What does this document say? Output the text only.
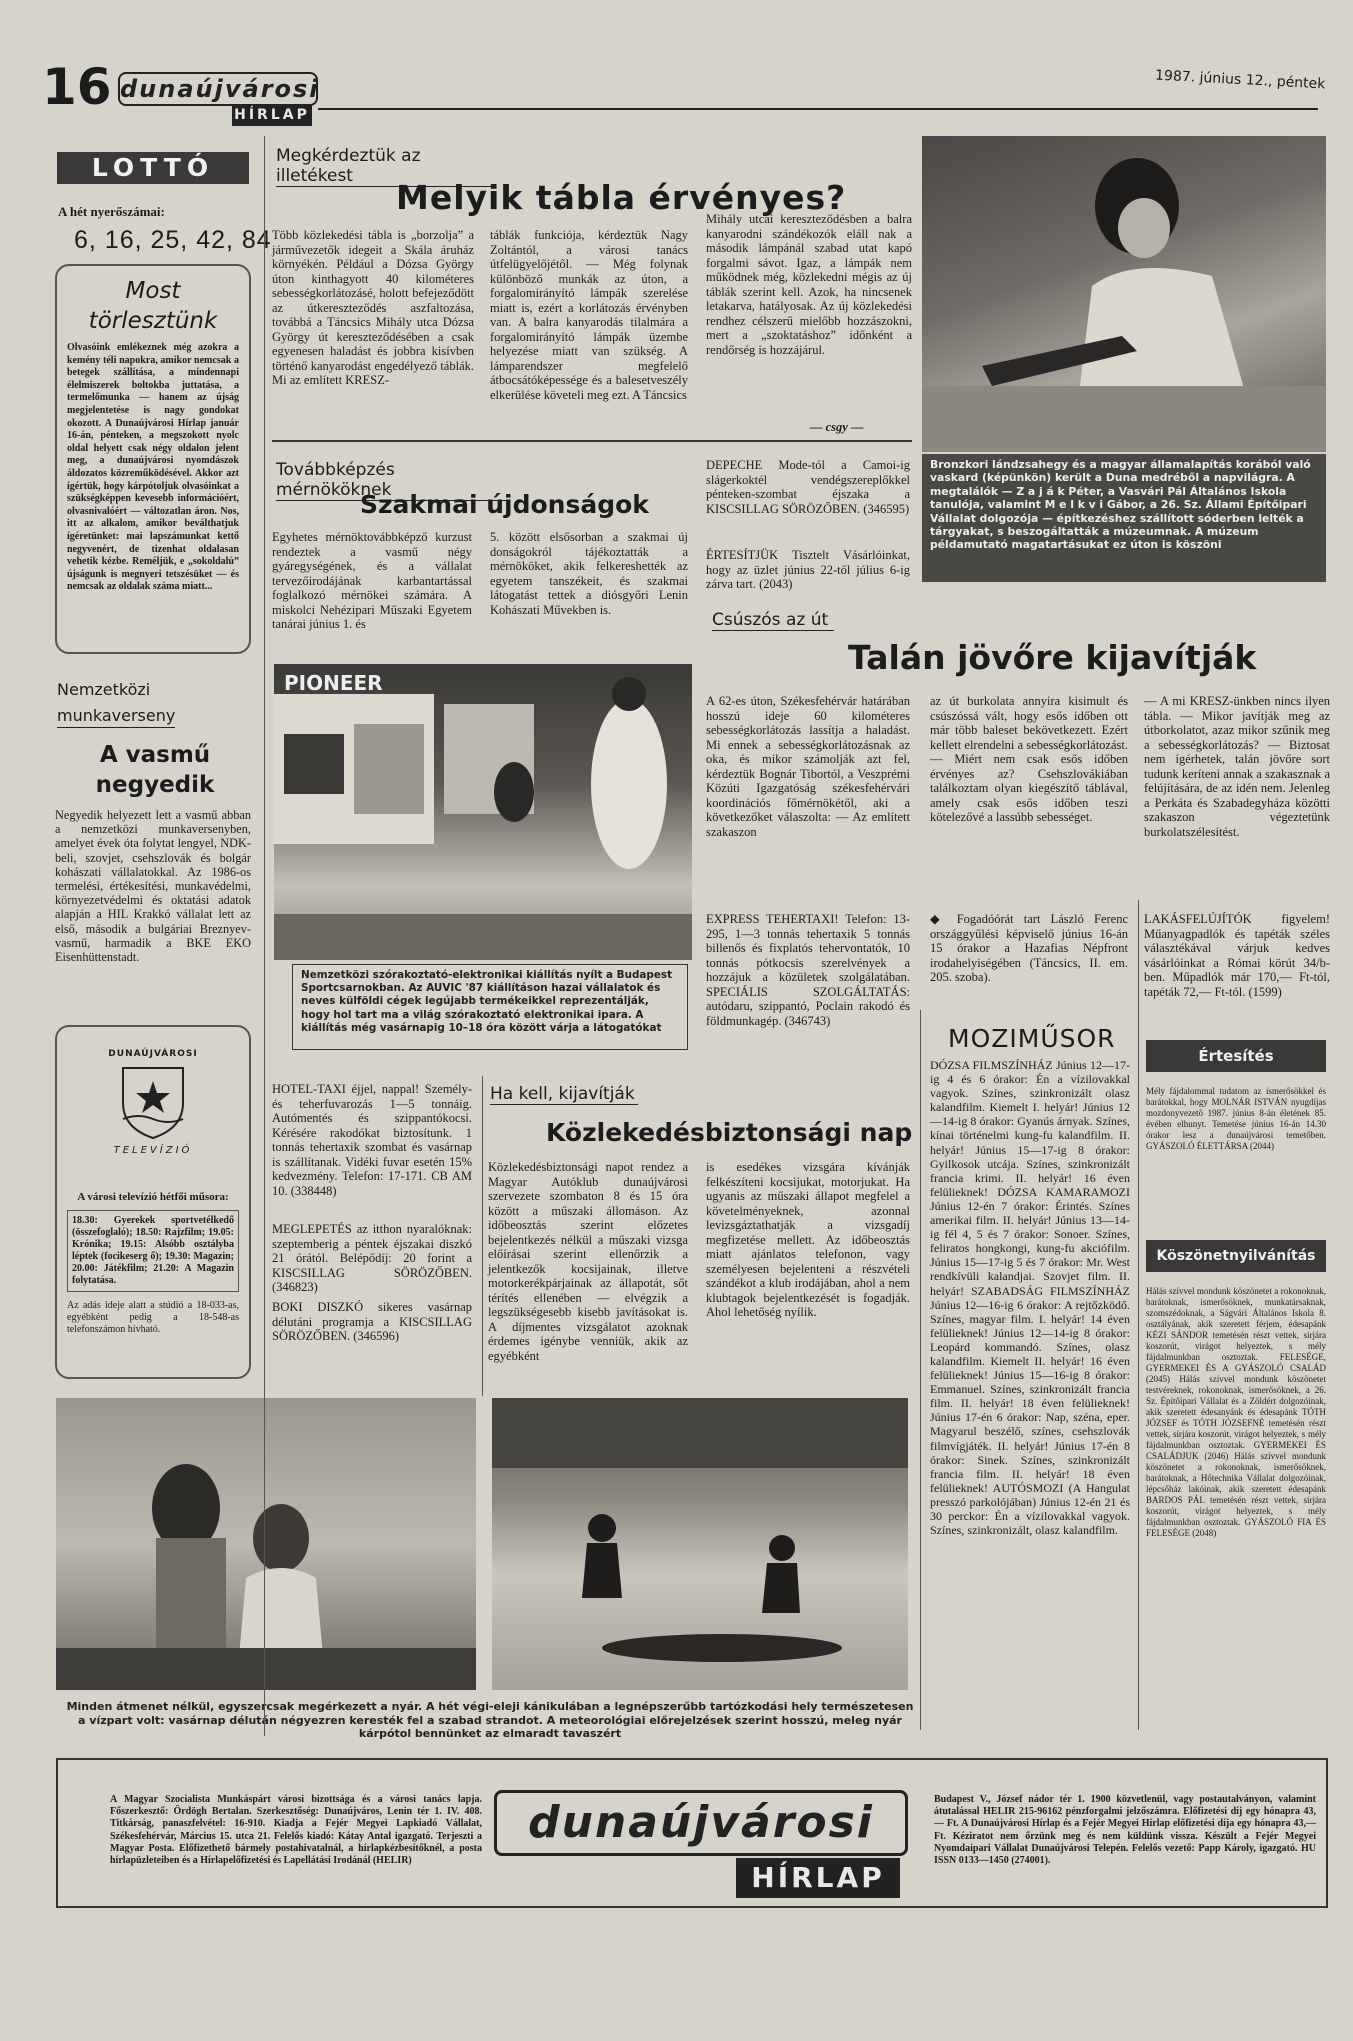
16 dunaújvárosi
HÍRLAP
1987. június 12., péntek
LOTTÓ
A hét nyerőszámai:
6, 16, 25, 42, 84
Most törlesztünk
Olvasóink emlékeznek még azokra a kemény téli napokra, amikor nemcsak a betegek szállítása, a mindennapi élelmiszerek boltokba juttatása, a termelőmunka — hanem az újság megjelentetése is nagy gondokat okozott. A Dunaújvárosi Hírlap január 16-án, pénteken, a megszokott nyolc oldal helyett csak négy oldalon jelent meg, a dunaújvárosi nyomdászok áldozatos közreműködésével. Akkor azt ígértük, hogy kárpótoljuk olvasóinkat a szükségképpen kevesebb információért, olvasnivalóért — változatlan áron. Nos, itt az alkalom, amikor beválthatjuk ígéretünket: mai lapszámunkat kettő negyvenért, de tizenhat oldalasan vehetik kézbe. Reméljük, e „sokoldalú” újságunk is megnyeri tetszésüket — és nemcsak az oldalak száma miatt...
Nemzetközi
munkaverseny
A vasmű negyedik
Negyedik helyezett lett a vasmű abban a nemzetközi munkaversenyben, amelyet évek óta folytat lengyel, NDK-beli, szovjet, csehszlovák és bolgár kohászati vállalatokkal. Az 1986-os termelési, értékesítési, munkavédelmi, környezetvédelmi és oktatási adatok alapján a HIL Krakkó vállalat lett az első, második a bulgáriai Breznyev-vasmű, harmadik a BKE EKO Eisenhüttenstadt.
DUNAÚJVÁROSI
TELEVÍZIÓ
A városi televízió hétfői műsora:
18.30: Gyerekek sportvetélkedő (összefoglaló); 18.50: Rajzfilm; 19.05: Krónika; 19.15: Alsóbb osztályba léptek (focikeserg ő); 19.30: Magazin; 20.00: Játékfilm; 21.20: A Magazin folytatása.
Az adás ideje alatt a stúdió a 18-033-as, egyébként pedig a 18-548-as telefonszámon hívható.
Megkérdeztük az illetékest
Melyik tábla érvényes?
Több közlekedési tábla is „borzolja” a járművezetők idegeit a Skála áruház környékén. Például a Dózsa György úton kinthagyott 40 kilométeres sebességkorlátozásé, holott befejeződött az útkereszteződés aszfaltozása, továbbá a Táncsics Mihály utca Dózsa György út kereszteződésében a csak egyenesen haladást és jobbra kisívben történő kanyarodást engedélyező táblák. Mi az említett KRESZ-
táblák funkciója, kérdeztük Nagy Zoltántól, a városi tanács útfelügyelőjétől. — Még folynak különböző munkák az úton, a forgalomirányító lámpák szerelése miatt is, ezért a korlátozás érvényben van. A balra kanyarodás tilalmára a forgalomirányító lámpák üzembe helyezése miatt van szükség. A lámparendszer megfelelő átbocsátóképessége és a balesetveszély elkerülése követeli meg ezt. A Táncsics
Mihály utcai kereszteződésben a balra kanyarodni szándékozók eláll nak a második lámpánál szabad utat kapó forgalmi sávot. Igaz, a lámpák nem működnek még, közlekedni mégis az új táblák szerint kell. Azok, ha nincsenek letakarva, hatályosak. Az új közlekedési rendhez célszerű mielőbb hozzászokni, mert a „szoktatáshoz” időnként a rendőrség is hozzájárul.
— csgy —
Bronzkori lándzsahegy és a magyar államalapítás korából való vaskard (képünkön) került a Duna medréből a napvilágra. A megtalálók — Z a j á k Péter, a Vasvári Pál Általános Iskola tanulója, valamint M e l k v i Gábor, a 26. Sz. Állami Építőipari Vállalat dolgozója — építkezéshez szállított sóderben lelték a tárgyakat, s beszogáltatták a múzeumnak. A múzeum példamutató magatartásukat ez úton is köszöni
Továbbképzés mérnököknek
Szakmai újdonságok
Egyhetes mérnöktovábbképző kurzust rendeztek a vasmű négy gyáregységének, és a vállalat tervezőirodájának karbantartással foglalkozó mérnökei számára. A miskolci Nehézipari Műszaki Egyetem tanárai június 1. és
5. között elsősorban a szakmai új donságokról tájékoztatták a mérnököket, akik felkereshették az egyetem tanszékeit, és szakmai látogatást tettek a diósgyőri Lenin Kohászati Művekben is.
DEPECHE Mode-tól a Camoi-ig slágerkoktél vendégszereplőkkel pénteken-szombat éjszaka a KISCSILLAG SÖRÖZŐBEN. (346595)
ÉRTESÍTJÜK Tisztelt Vásárlóinkat, hogy az üzlet június 22-től július 6-ig zárva tart. (2043)
PIONEER
Nemzetközi szórakoztató-elektronikai kiállítás nyílt a Budapest Sportcsarnokban. Az AUVIC '87 kiállításon hazai vállalatok és neves külföldi cégek legújabb termékeikkel reprezentálják, hogy hol tart ma a világ szórakoztató elektronikai ipara. A kiállítás még vasárnapig 10–18 óra között várja a látogatókat
Csúszós az út
Talán jövőre kijavítják
A 62-es úton, Székesfehérvár határában hosszú ideje 60 kilométeres sebességkorlátozás lassítja a haladást. Mi ennek a sebességkorlátozásnak az oka, és mikor számolják azt fel, kérdeztük Bognár Tibortól, a Veszprémi Közúti Igazgatóság székesfehérvári koordinációs főmérnökétől, aki a következőket válaszolta: — Az említett szakaszon
az út burkolata annyira kisimult és csúszóssá vált, hogy esős időben ott már több baleset bekövetkezett. Ezért kellett elrendelni a sebességkorlátozást. — Miért nem csak esős időben érvényes az? Csehszlovákiában találkoztam olyan kiegészítő táblával, amely csak esős időben teszi kötelezővé a lassúbb sebességet.
— A mi KRESZ-ünkben nincs ilyen tábla. — Mikor javítják meg az útborkolatot, azaz mikor szűnik meg a sebességkorlátozás? — Biztosat nem ígérhetek, talán jövőre sort tudunk keríteni annak a szakasznak a felújítására, de az idén nem. Jelenleg a Perkáta és Szabadegyháza közötti szakaszon végeztetünk burkolatszélesítést.
EXPRESS TEHERTAXI! Telefon: 13-295, 1—3 tonnás tehertaxik 5 tonnás billenős és fixplatós tehervontatók, 10 tonnás pótkocsis szerelvények a hozzájuk a közületek szolgálatában. SPECIÁLIS SZOLGÁLTATÁS: autódaru, szippantó, Poclain rakodó és földmunkagép. (346743)
◆ Fogadóórát tart László Ferenc országgyűlési képviselő június 16-án 15 órakor a Hazafias Népfront irodahelyiségében (Táncsics, II. em. 205. szoba).
LAKÁSFELÚJÍTÓK figyelem! Műanyagpadlók és tapéták széles választékával várjuk kedves vásárlóinkat a Római körút 34/b-ben. Műpadlók már 170,— Ft-tól, tapéták 72,— Ft-tól. (1599)
HOTEL-TAXI éjjel, nappal! Személy- és teherfuvarozás 1—5 tonnáig. Autómentés és szippantókocsi. Kérésére rakodókat biztosítunk. 1 tonnás tehertaxik szombat és vasárnap is szállítanak. Vidéki fuvar esetén 15% kedvezmény. Telefon: 17-171. CB AM 10. (338448)
MEGLEPETÉS az itthon nyaralóknak: szeptemberig a péntek éjszakai diszkó 21 órától. Belépődíj: 20 forint a KISCSILLAG SÖRÖZŐBEN. (346823)
BOKI DISZKÓ sikeres vasárnap délutáni programja a KISCSILLAG SÖRÖZŐBEN. (346596)
Ha kell, kijavítják
Közlekedésbiztonsági nap
Közlekedésbiztonsági napot rendez a Magyar Autóklub dunaújvárosi szervezete szombaton 8 és 15 óra között a műszaki állomáson. Az időbeosztás szerint előzetes bejelentkezés nélkül a műszaki vizsga előírásai szerint ellenőrzik a jelentkezők kocsijainak, illetve motorkerékpárjainak az állapotát, sőt térítés ellenében — elvégzik a legszükségesebb kisebb javításokat is. A díjmentes vizsgálatot azoknak érdemes igénybe venniük, akik az egyébként
is esedékes vizsgára kívánják felkészíteni kocsijukat, motorjukat. Ha ugyanis az műszaki állapot megfelel a követelményeknek, azonnal levizsgáztathatják a vizsgadíj megfizetése mellett. Az időbeosztás miatt ajánlatos telefonon, vagy személyesen bejelenteni a részvételi szándékot a klub irodájában, ahol a nem klubtagok bejelentkezését is fogadják. Ahol lehetőség nyílik.
MOZIMŰSOR
DÓZSA FILMSZÍNHÁZ Június 12—17-ig 4 és 6 órakor: Én a vízilovakkal vagyok. Színes, szinkronizált olasz kalandfilm. Kiemelt I. helyár! Június 12—14-ig 8 órakor: Gyanús árnyak. Színes, kínai történelmi kung-fu kalandfilm. II. helyár! Június 15—17-ig 8 órakor: Gyilkosok utcája. Színes, szinkronizált francia krimi. II. helyár! 16 éven felülieknek! DÓZSA KAMARAMOZI Június 12-én 7 órakor: Érintés. Színes amerikai film. II. helyár! Június 13—14-ig fél 4, 5 és 7 órakor: Sonoer. Színes, feliratos hongkongi, kung-fu akciófilm. Június 15—17-ig 5 és 7 órakor: Mr. West rendkívüli kalandjai. Szovjet film. II. helyár! SZABADSÁG FILMSZÍNHÁZ Június 12—16-ig 6 órakor: A rejtőzködő. Színes, magyar film. I. helyár! 14 éven felülieknek! Június 12—14-ig 8 órakor: Leopárd kommandó. Színes, olasz kalandfilm. Kiemelt II. helyár! 16 éven felülieknek! Június 15—16-ig 8 órakor: Emmanuel. Színes, szinkronizált francia film. II. helyár! 18 éven felülieknek! Június 17-én 6 órakor: Nap, széna, eper. Magyarul beszélő, színes, csehszlovák filmvígjáték. II. helyár! Június 17-én 8 órakor: Sinek. Színes, szinkronizált francia film. II. helyár! 18 éven felülieknek! AUTÓSMOZI (A Hangulat presszó parkolójában) Június 12-én 21 és 30 perckor: Én a vízilovakkal vagyok. Színes, szinkronizált, olasz kalandfilm.
Értesítés
Mély fájdalommal tudatom az ismerősökkel és barátokkal, hogy MOLNÁR ISTVÁN nyugdíjas mozdonyvezető 1987. június 8-án életének 85. évében elhunyt. Temetése június 16-án 14.30 órakor lesz a dunaújvárosi temetőben. GYÁSZOLÓ ÉLETTÁRSA (2044)
Köszönetnyilvánítás
Hálás szívvel mondunk köszönetet a rokonoknak, barátoknak, ismerősöknek, munkatársaknak, szomszédoknak, a Ságvári Általános Iskola 8. osztályának, akik szeretett férjem, édesapánk KÉZI SÁNDOR temetésén részt vettek, sírjára koszorút, virágot helyeztek, s mély fájdalmunkban osztoztak. FELESÉGE, GYERMEKEI ÉS A GYÁSZOLÓ CSALÁD (2045) Hálás szívvel mondunk köszönetet testvéreknek, rokonoknak, ismerősöknek, a 26. Sz. Építőipari Vállalat és a Zöldért dolgozóinak, akik szeretett édesanyánk és édesapánk TÓTH JÓZSEF és TÓTH JÓZSEFNÉ temetésén részt vettek, sírjára koszorút, virágot helyeztek, s mély fájdalmunkban osztoztak. GYERMEKEI ÉS CSALÁDJUK (2046) Hálás szívvel mondunk köszönetet a rokonoknak, ismerősöknek, barátoknak, a Hőtechnika Vállalat dolgozóinak, lépcsőház lakóinak, akik szeretett édesapánk BARDOS PÁL temetésén részt vettek, sírjára koszorút, virágot helyeztek, s mély fájdalmunkban osztoztak. GYÁSZOLÓ FIA ÉS FELESÉGE (2048)
Minden átmenet nélkül, egyszercsak megérkezett a nyár. A hét végi-eleji kánikulában a legnépszerűbb tartózkodási hely természetesen a vízpart volt: vasárnap délután négyezren keresték fel a szabad strandot. A meteorológiai előrejelzések szerint hosszú, meleg nyár kárpótol bennünket az elmaradt tavaszért
A Magyar Szocialista Munkáspárt városi bizottsága és a városi tanács lapja. Főszerkesztő: Ördögh Bertalan. Szerkesztőség: Dunaújváros, Lenin tér 1. IV. 408. Titkárság, panaszfelvétel: 16-910. Kiadja a Fejér Megyei Lapkiadó Vállalat, Székesfehérvár, Március 15. utca 21. Felelős kiadó: Kátay Antal igazgató. Terjeszti a Magyar Posta. Előfizethető bármely postahivatalnál, a hírlapkézbesítőknél, a posta hírlapüzleteiben és a Hírlapelőfizetési és Lapellátási Irodánál (HELIR)
dunaújvárosi
HÍRLAP
Budapest V., József nádor tér 1. 1900 közvetlenül, vagy postautalványon, valamint átutalással HELIR 215-96162 pénzforgalmi jelzőszámra. Előfizetési díj egy hónapra 43,— Ft. A Dunaújvárosi Hírlap és a Fejér Megyei Hírlap előfizetési díja egy hónapra 43,— Ft. Kéziratot nem őrzünk meg és nem küldünk vissza. Készült a Fejér Megyei Nyomdaipari Vállalat Dunaújvárosi Telepén. Felelős vezető: Papp Károly, igazgató. HU ISSN 0133—1450 (274001).
